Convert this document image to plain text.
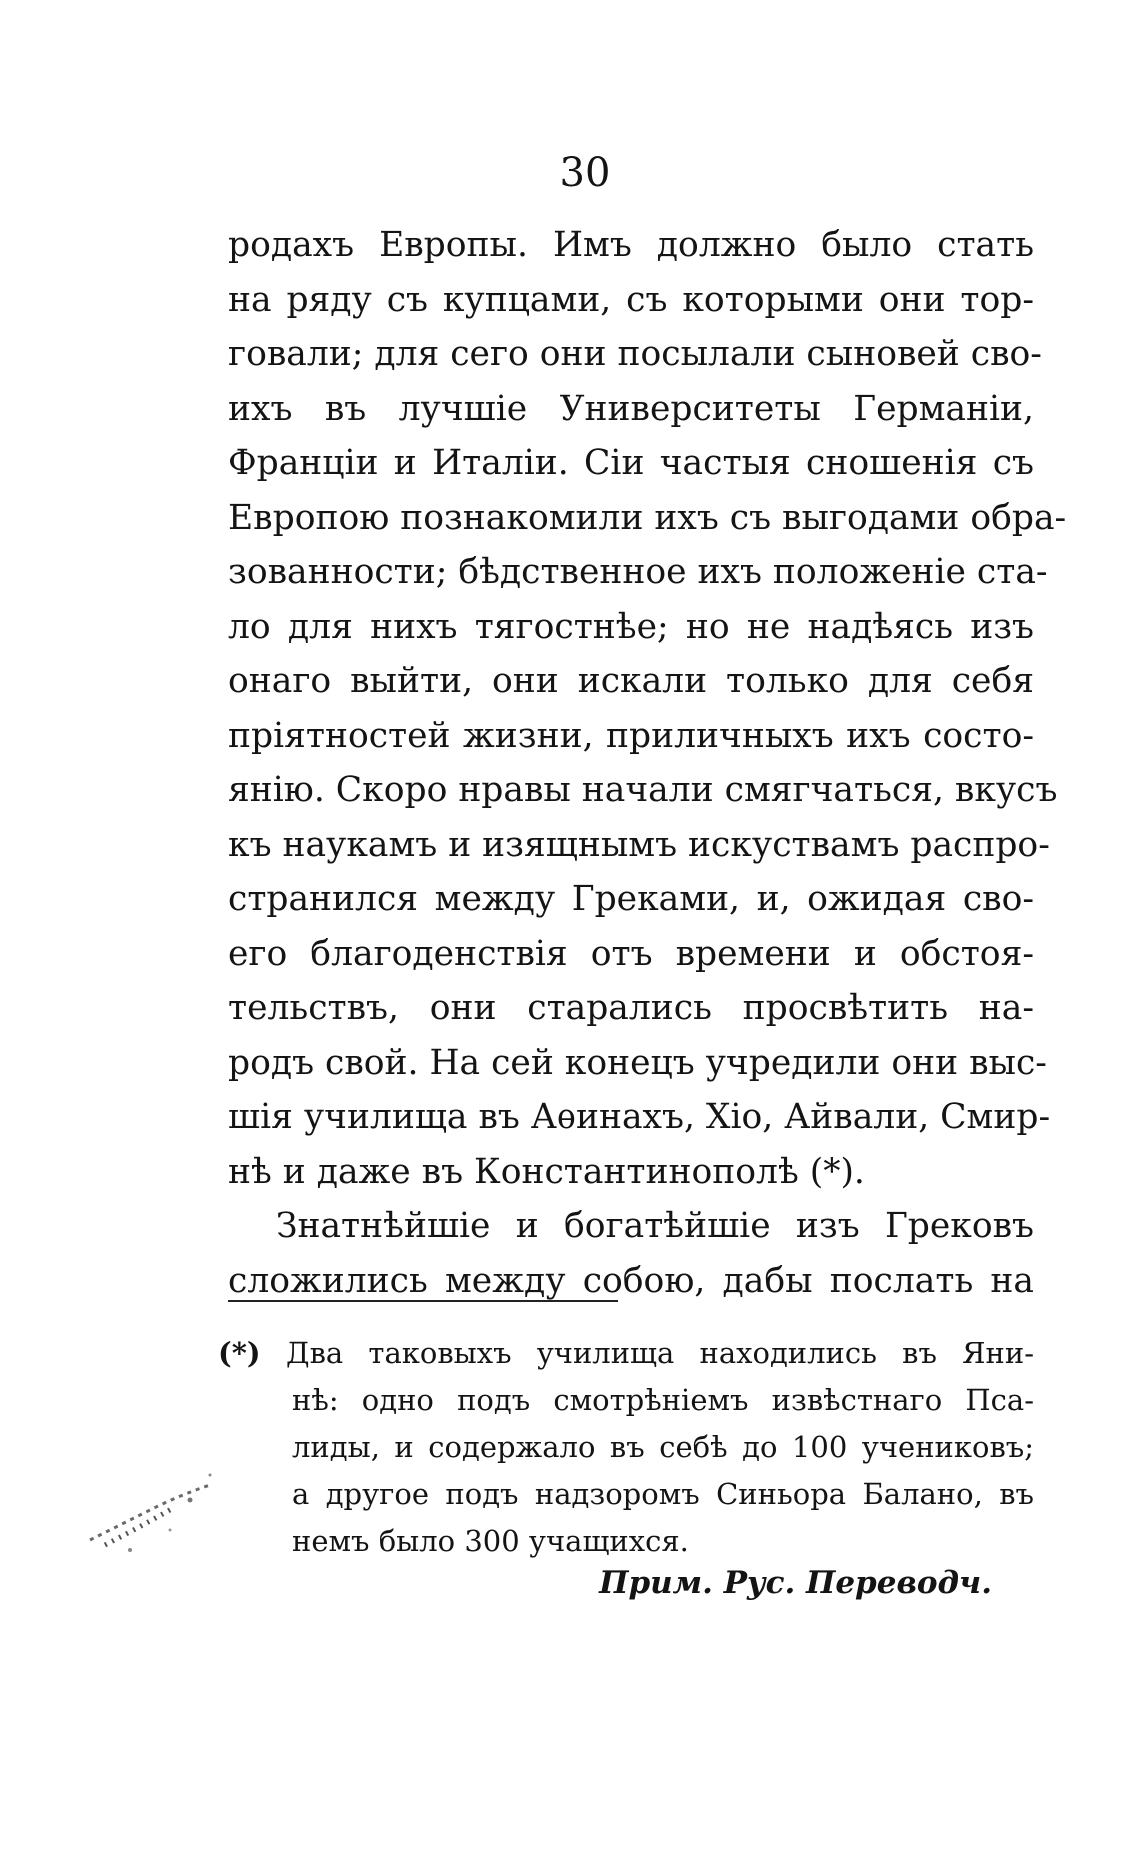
30
родахъ Европы. Имъ должно было стать
на ряду съ купцами, съ которыми они тор-
говали; для сего они посылали сыновей сво-
ихъ въ лучшіе Университеты Германіи,
Франціи и Италіи. Сіи частыя сношенія съ
Европою познакомили ихъ съ выгодами обра-
зованности; бѣдственное ихъ положеніе ста-
ло для нихъ тягостнѣе; но не надѣясь изъ
онаго выйти, они искали только для себя
пріятностей жизни, приличныхъ ихъ состо-
янію. Скоро нравы начали смягчаться, вкусъ
къ наукамъ и изящнымъ искуствамъ распро-
странился между Греками, и, ожидая сво-
его благоденствія отъ времени и обстоя-
тельствъ, они старались просвѣтить на-
родъ свой. На сей конецъ учредили они выс-
шія училища въ Аѳинахъ, Хіо, Айвали, Смир-
нѣ и даже въ Константинополѣ (*).
Знатнѣйшіе и богатѣйшіе изъ Грековъ
сложились между собою, дабы послать на
(*) Два таковыхъ училища находились въ Яни-
нѣ: одно подъ смотрѣніемъ извѣстнаго Пса-
лиды, и содержало въ себѣ до 100 учениковъ;
а другое подъ надзоромъ Синьора Балано, въ
немъ было 300 учащихся.
Прим. Рус. Переводч.
